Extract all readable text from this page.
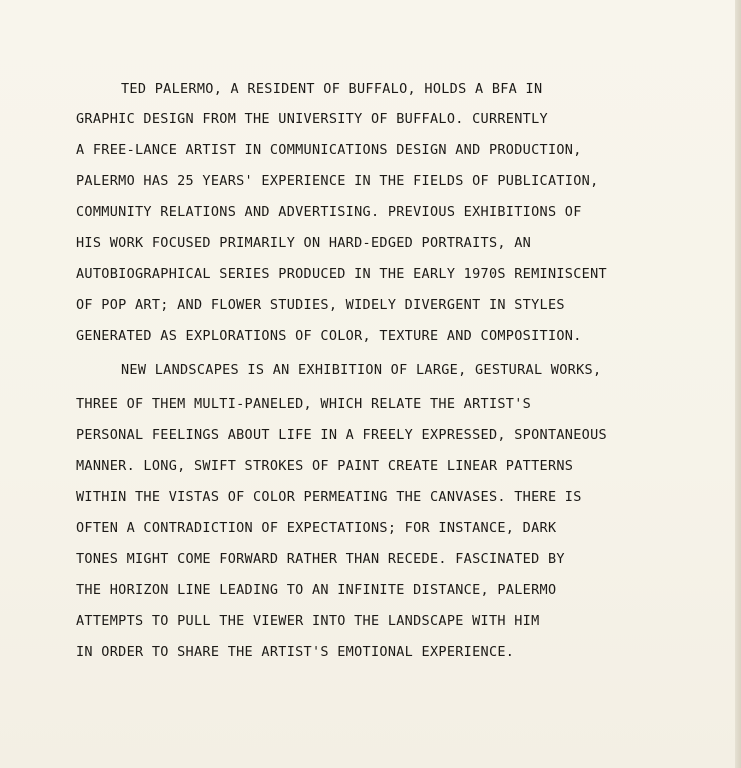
TED PALERMO, A RESIDENT OF BUFFALO, HOLDS A BFA IN
GRAPHIC DESIGN FROM THE UNIVERSITY OF BUFFALO. CURRENTLY
A FREE-LANCE ARTIST IN COMMUNICATIONS DESIGN AND PRODUCTION,
PALERMO HAS 25 YEARS' EXPERIENCE IN THE FIELDS OF PUBLICATION,
COMMUNITY RELATIONS AND ADVERTISING. PREVIOUS EXHIBITIONS OF
HIS WORK FOCUSED PRIMARILY ON HARD-EDGED PORTRAITS, AN
AUTOBIOGRAPHICAL SERIES PRODUCED IN THE EARLY 1970S REMINISCENT
OF POP ART; AND FLOWER STUDIES, WIDELY DIVERGENT IN STYLES
GENERATED AS EXPLORATIONS OF COLOR, TEXTURE AND COMPOSITION.
NEW LANDSCAPES IS AN EXHIBITION OF LARGE, GESTURAL WORKS,
THREE OF THEM MULTI-PANELED, WHICH RELATE THE ARTIST'S
PERSONAL FEELINGS ABOUT LIFE IN A FREELY EXPRESSED, SPONTANEOUS
MANNER. LONG, SWIFT STROKES OF PAINT CREATE LINEAR PATTERNS
WITHIN THE VISTAS OF COLOR PERMEATING THE CANVASES. THERE IS
OFTEN A CONTRADICTION OF EXPECTATIONS; FOR INSTANCE, DARK
TONES MIGHT COME FORWARD RATHER THAN RECEDE. FASCINATED BY
THE HORIZON LINE LEADING TO AN INFINITE DISTANCE, PALERMO
ATTEMPTS TO PULL THE VIEWER INTO THE LANDSCAPE WITH HIM
IN ORDER TO SHARE THE ARTIST'S EMOTIONAL EXPERIENCE.
